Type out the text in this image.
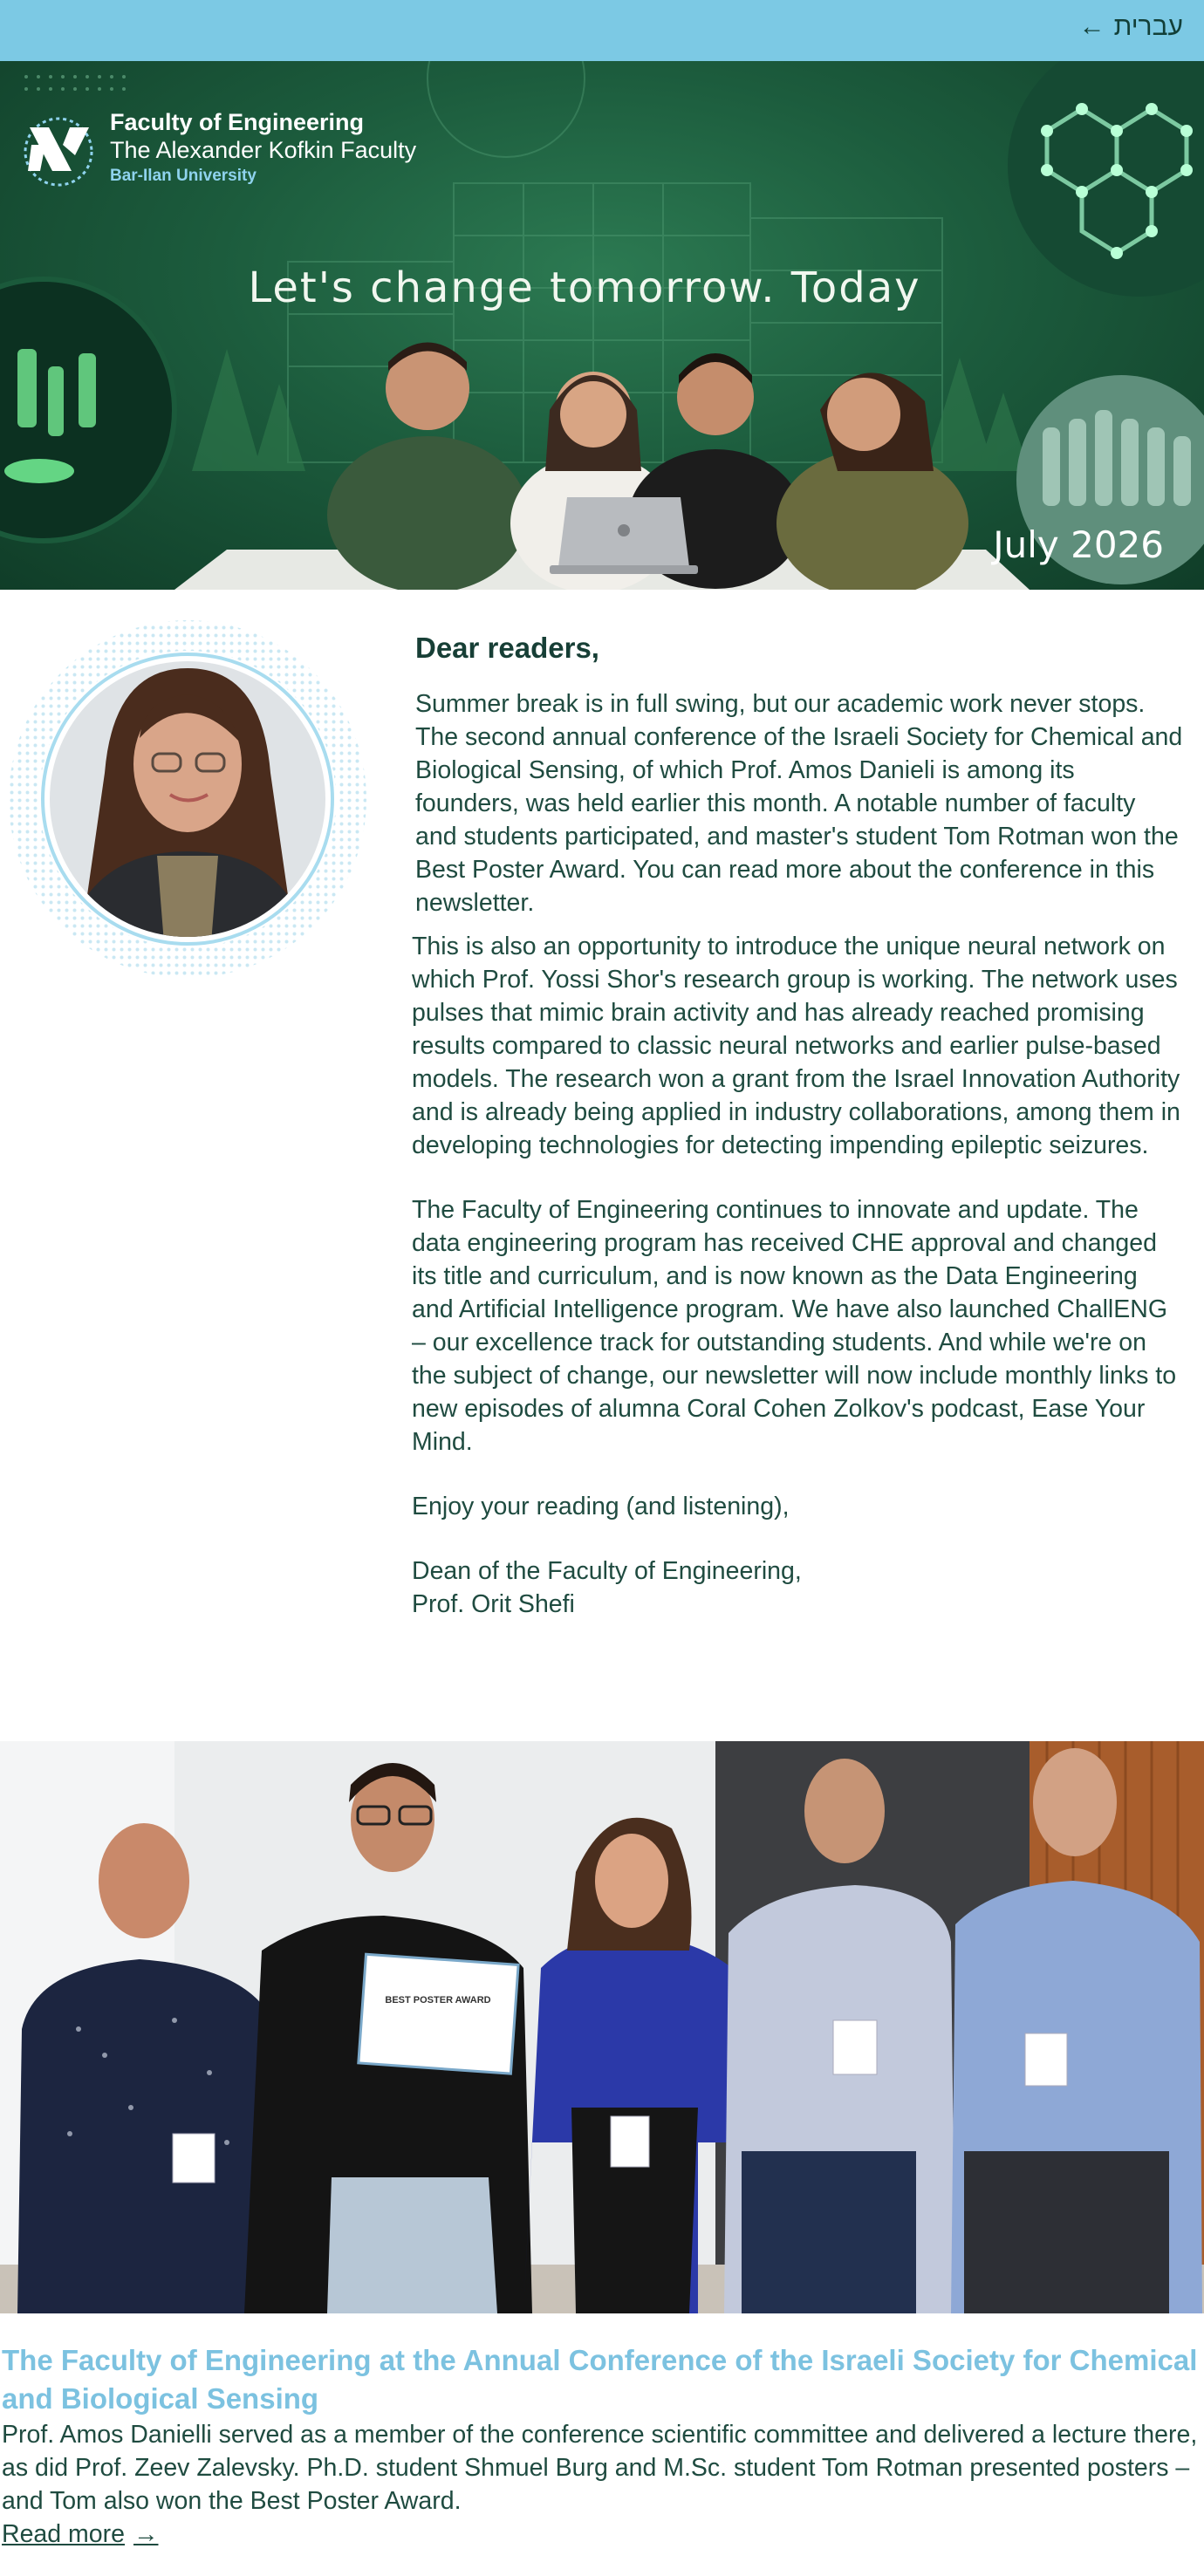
← עברית
Faculty of Engineering
The Alexander Kofkin Faculty
Bar-Ilan University
Let's change tomorrow. Today
July 2026
Dear readers,

Summer break is in full swing, but our academic work never stops. The second annual conference of the Israeli Society for Chemical and Biological Sensing, of which Prof. Amos Danieli is among its founders, was held earlier this month. A notable number of faculty and students participated, and master's student Tom Rotman won the Best Poster Award. You can read more about the conference in this newsletter.

This is also an opportunity to introduce the unique neural network on which Prof. Yossi Shor's research group is working. The network uses pulses that mimic brain activity and has already reached promising results compared to classic neural networks and earlier pulse-based models. The research won a grant from the Israel Innovation Authority and is already being applied in industry collaborations, among them in developing technologies for detecting impending epileptic seizures.

The Faculty of Engineering continues to innovate and update. The data engineering program has received CHE approval and changed its title and curriculum, and is now known as the Data Engineering and Artificial Intelligence program. We have also launched ChallENG – our excellence track for outstanding students. And while we're on the subject of change, our newsletter will now include monthly links to new episodes of alumna Coral Cohen Zolkov's podcast, Ease Your Mind.

Enjoy your reading (and listening),

Dean of the Faculty of Engineering,
Prof. Orit Shefi
BEST POSTER AWARD
The Faculty of Engineering at the Annual Conference of the Israeli Society for Chemical and Biological Sensing

Prof. Amos Danielli served as a member of the conference scientific committee and delivered a lecture there, as did Prof. Zeev Zalevsky. Ph.D. student Shmuel Burg and M.Sc. student Tom Rotman presented posters – and Tom also won the Best Poster Award.

Read more →
